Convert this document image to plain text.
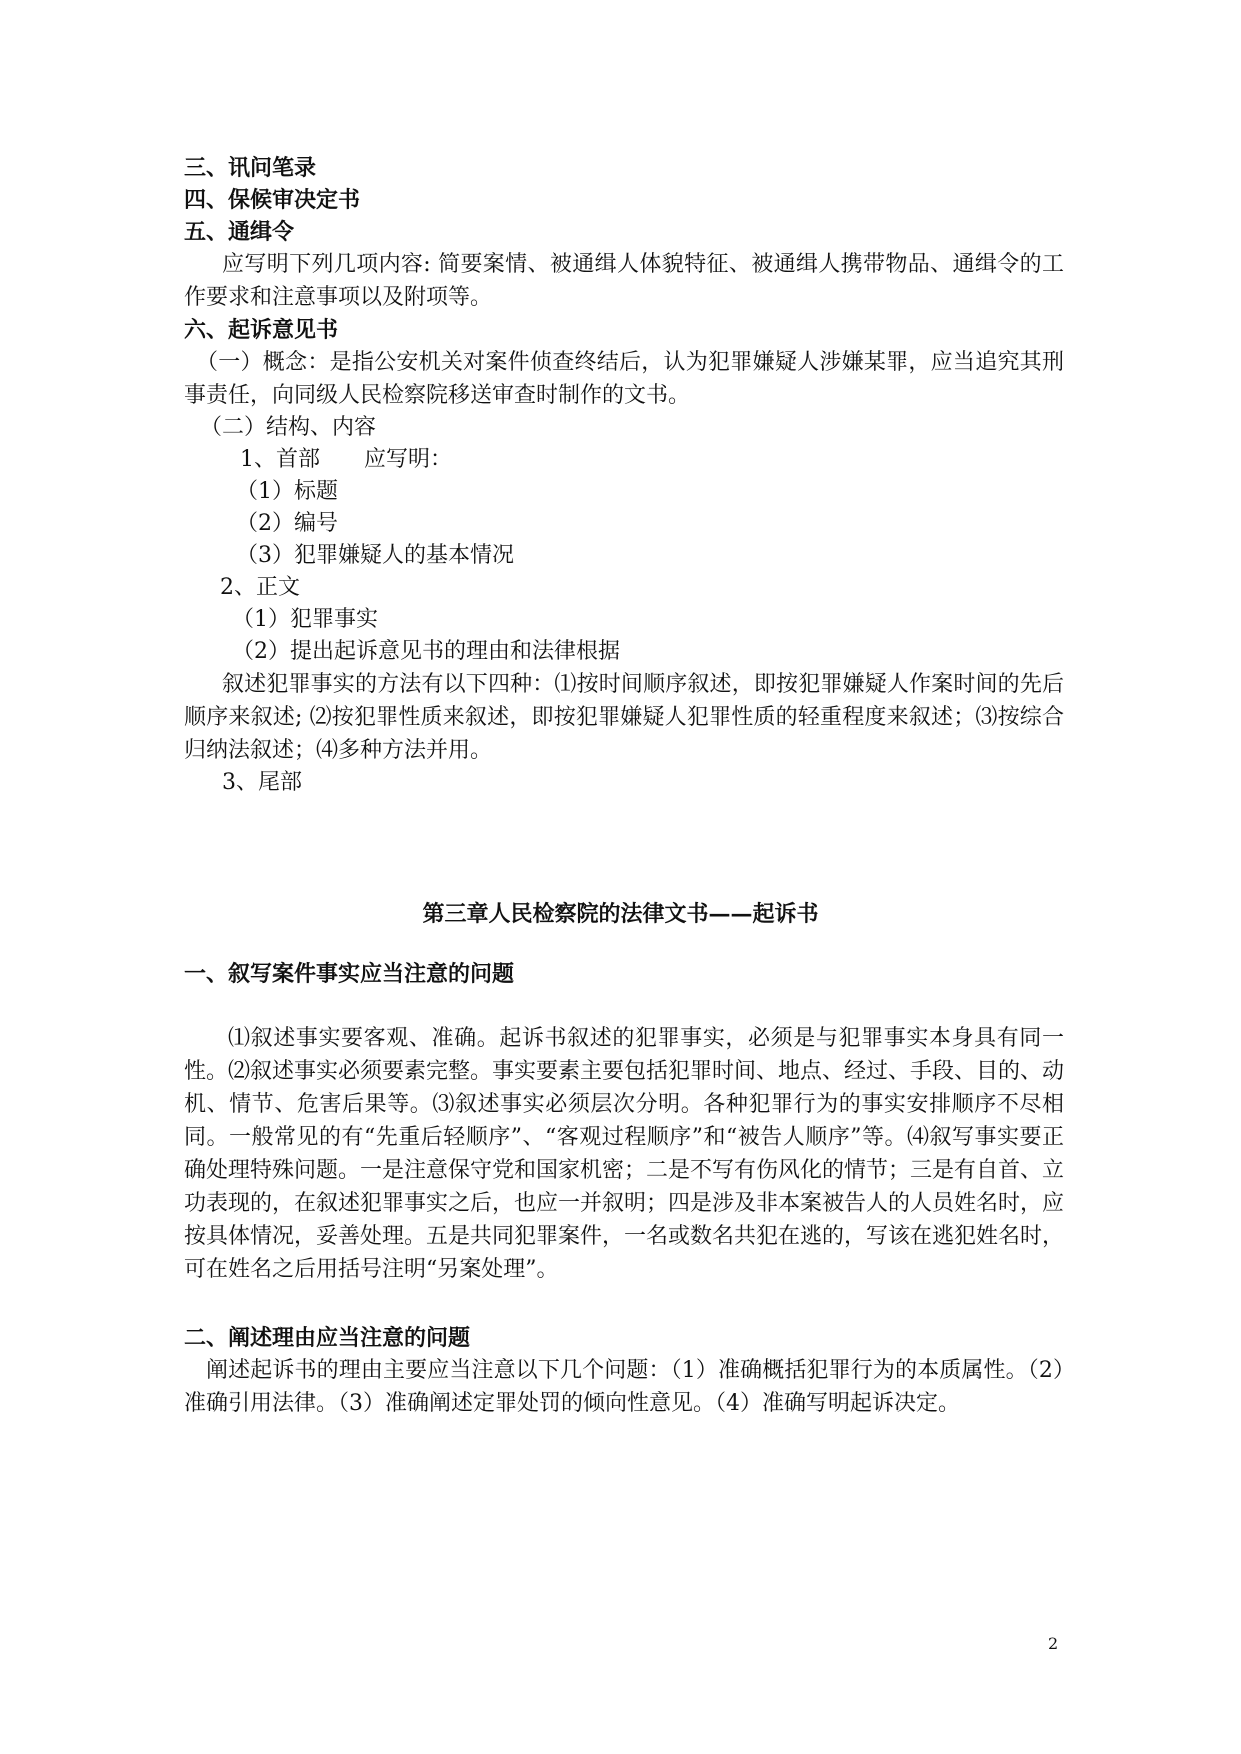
三、讯问笔录
四、保候审决定书
五、通缉令
应写明下列几项内容: 简要案情、被通缉人体貌特征、被通缉人携带物品、通缉令的工作要求和注意事项以及附项等。
六、起诉意见书
（一）概念：是指公安机关对案件侦查终结后，认为犯罪嫌疑人涉嫌某罪，应当追究其刑事责任，向同级人民检察院移送审查时制作的文书。
（二）结构、内容
1、首部　　应写明：
（1）标题
（2）编号
（3）犯罪嫌疑人的基本情况
2、正文
（1）犯罪事实
（2）提出起诉意见书的理由和法律根据
叙述犯罪事实的方法有以下四种：⑴按时间顺序叙述，即按犯罪嫌疑人作案时间的先后顺序来叙述; ⑵按犯罪性质来叙述，即按犯罪嫌疑人犯罪性质的轻重程度来叙述；⑶按综合归纳法叙述；⑷多种方法并用。
3、尾部
第三章人民检察院的法律文书——起诉书
一、叙写案件事实应当注意的问题
⑴叙述事实要客观、准确。起诉书叙述的犯罪事实，必须是与犯罪事实本身具有同一性。⑵叙述事实必须要素完整。事实要素主要包括犯罪时间、地点、经过、手段、目的、动机、情节、危害后果等。⑶叙述事实必须层次分明。各种犯罪行为的事实安排顺序不尽相同。一般常见的有“先重后轻顺序”、“客观过程顺序”和“被告人顺序”等。⑷叙写事实要正确处理特殊问题。一是注意保守党和国家机密；二是不写有伤风化的情节；三是有自首、立功表现的，在叙述犯罪事实之后，也应一并叙明；四是涉及非本案被告人的人员姓名时，应按具体情况，妥善处理。五是共同犯罪案件，一名或数名共犯在逃的，写该在逃犯姓名时，可在姓名之后用括号注明“另案处理”。
二、阐述理由应当注意的问题
阐述起诉书的理由主要应当注意以下几个问题：（1）准确概括犯罪行为的本质属性。（2）准确引用法律。（3）准确阐述定罪处罚的倾向性意见。（4）准确写明起诉决定。
2
